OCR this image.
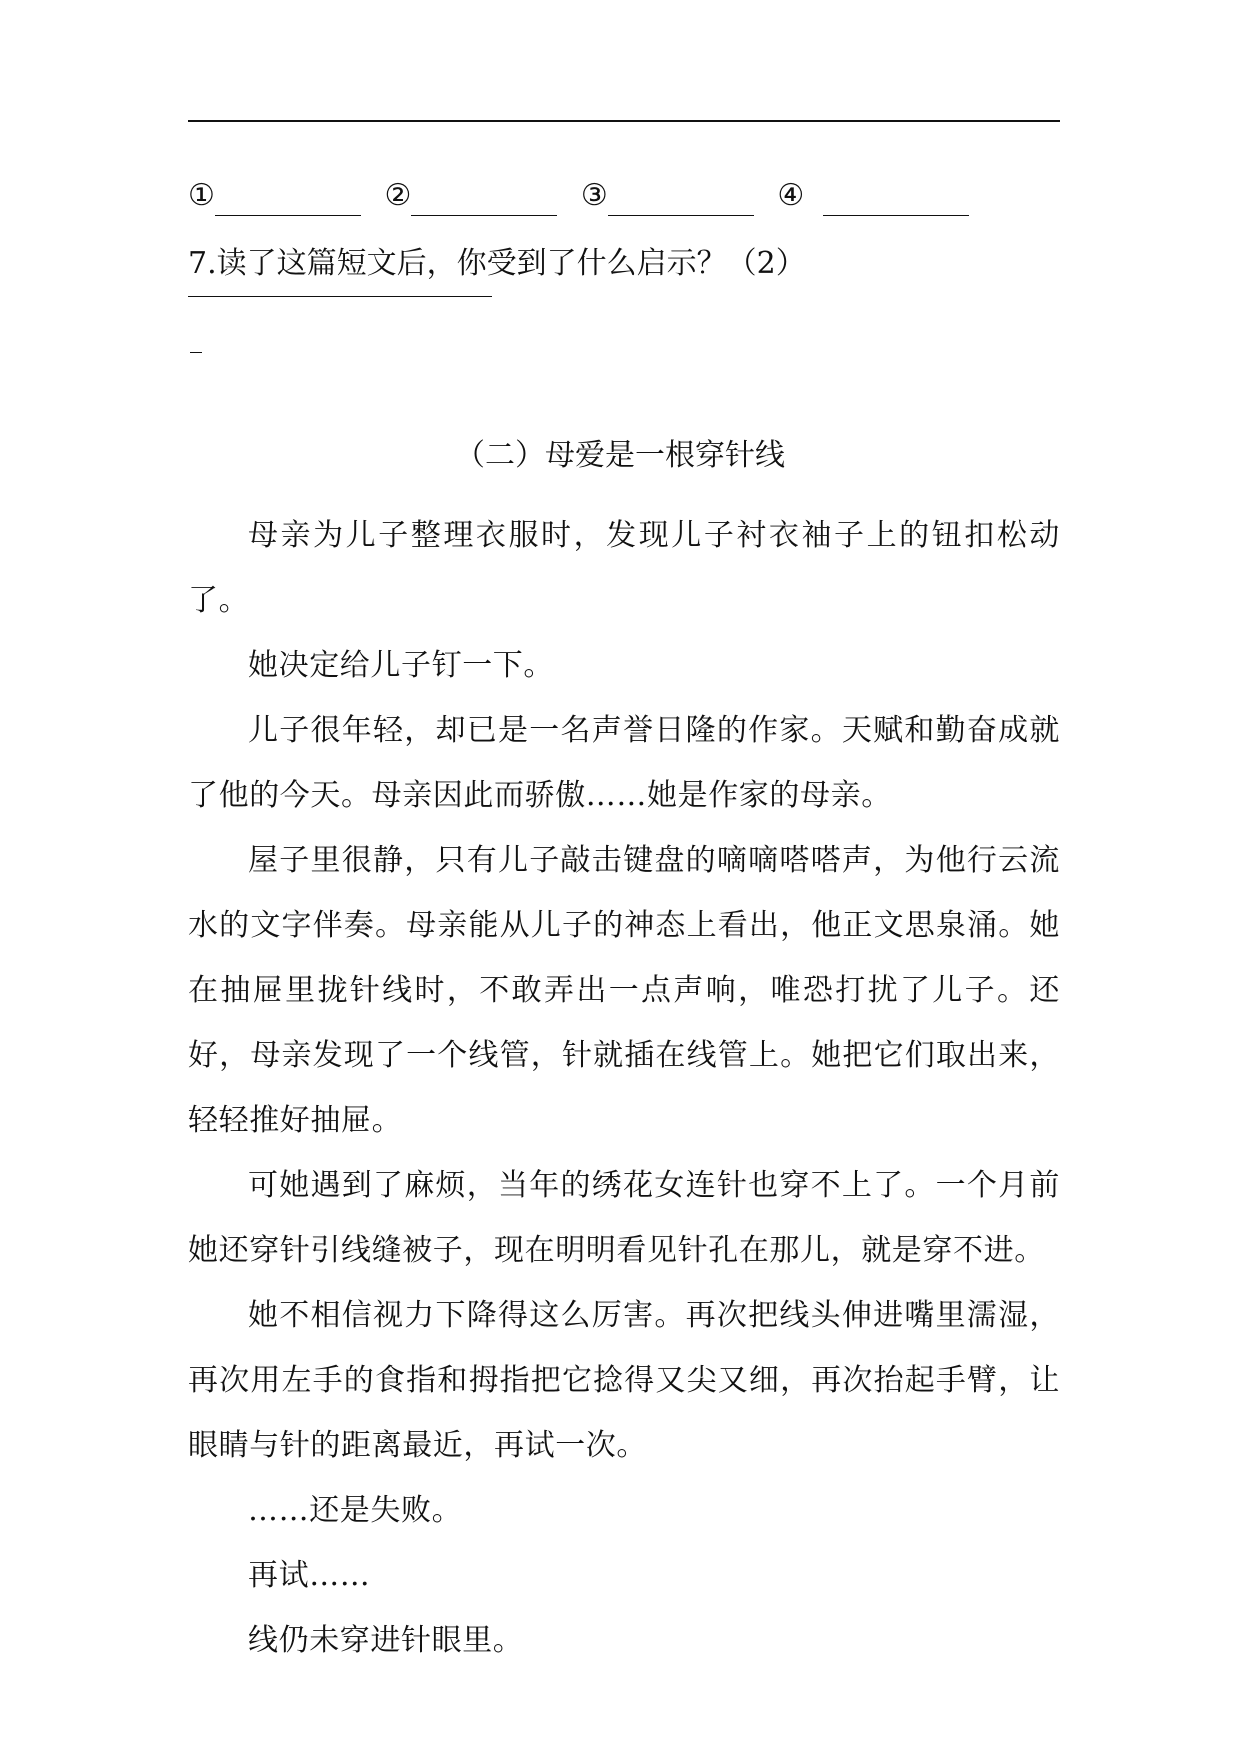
①	②	③	④
7.读了这篇短文后，你受到了什么启示？（2）
（二）母爱是一根穿针线

母亲为儿子整理衣服时，发现儿子衬衣袖子上的钮扣松动了。

她决定给儿子钉一下。

儿子很年轻，却已是一名声誉日隆的作家。天赋和勤奋成就了他的今天。母亲因此而骄傲……她是作家的母亲。

屋子里很静，只有儿子敲击键盘的嘀嘀嗒嗒声，为他行云流水的文字伴奏。母亲能从儿子的神态上看出，他正文思泉涌。她在抽屉里拢针线时，不敢弄出一点声响，唯恐打扰了儿子。还好，母亲发现了一个线管，针就插在线管上。她把它们取出来，轻轻推好抽屉。

可她遇到了麻烦，当年的绣花女连针也穿不上了。一个月前她还穿针引线缝被子，现在明明看见针孔在那儿，就是穿不进。

她不相信视力下降得这么厉害。再次把线头伸进嘴里濡湿，再次用左手的食指和拇指把它捻得又尖又细，再次抬起手臂，让眼睛与针的距离最近，再试一次。

……还是失败。

再试……

线仍未穿进针眼里。
